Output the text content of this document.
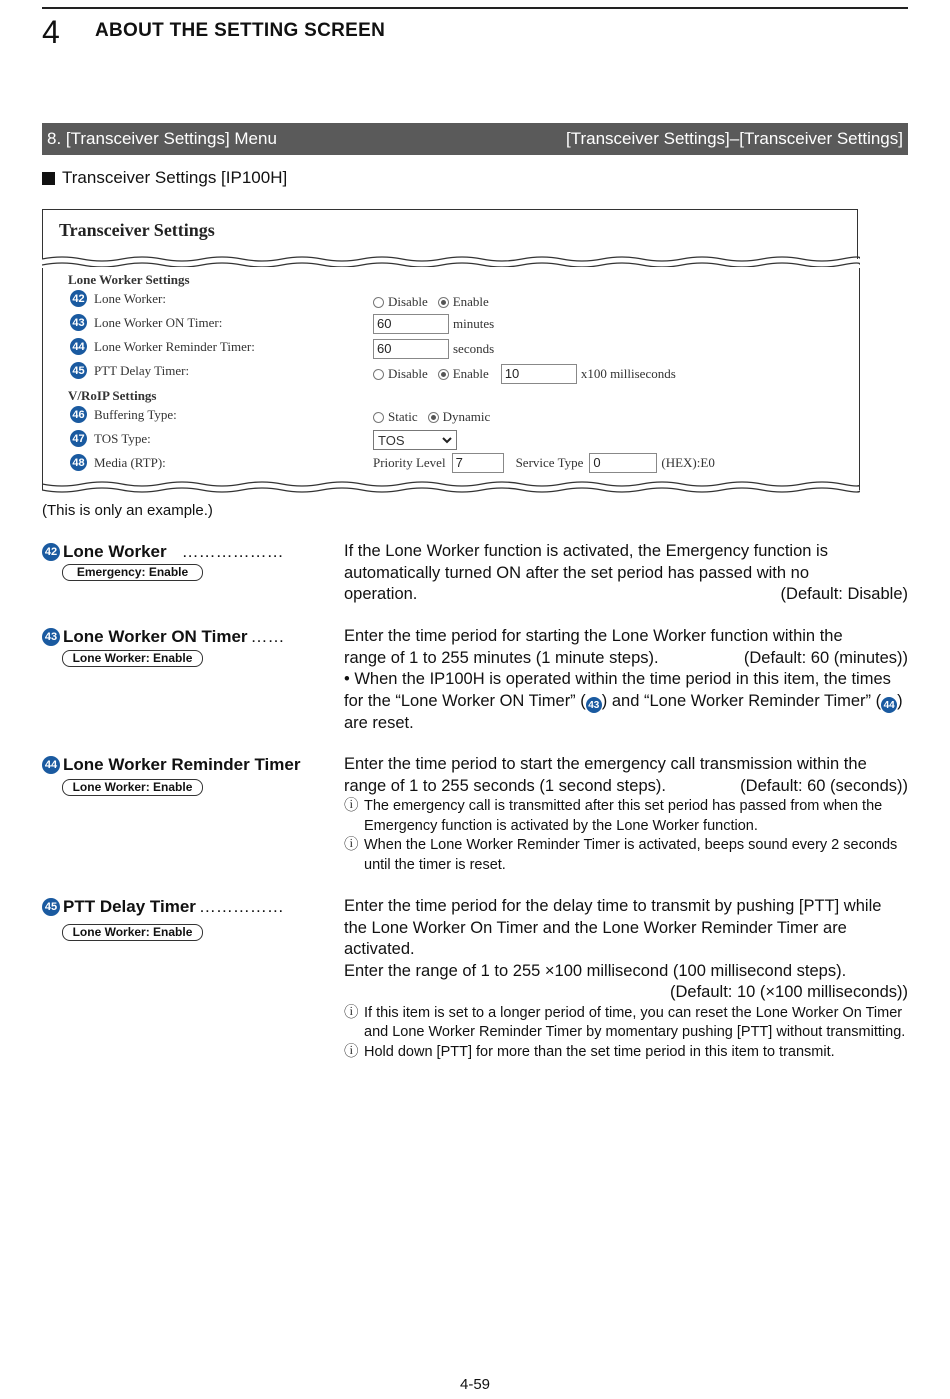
4 ABOUT THE SETTING SCREEN
8. [Transceiver Settings] Menu	[Transceiver Settings]–[Transceiver Settings]
Transceiver Settings [IP100H]
Transceiver Settings
Lone Worker Settings
42 Lone Worker:	Disable Enable
43 Lone Worker ON Timer:	60	minutes
44 Lone Worker Reminder Timer:	60	seconds
45 PTT Delay Timer:	Disable Enable	10	x100 milliseconds
V/RoIP Settings
46 Buffering Type:	Static Dynamic
47 TOS Type:	TOS
48 Media (RTP):	Priority Level 7	Service Type 0	(HEX):E0
(This is only an example.)
42 Lone Worker ………………
Emergency: Enable

If the Lone Worker function is activated, the Emergency function is automatically turned ON after the set period has passed with no

operation.	(Default: Disable)

43 Lone Worker ON Timer ……
Lone Worker: Enable

Enter the time period for starting the Lone Worker function within the

range of 1 to 255 minutes (1 minute steps).	(Default: 60 (minutes))

• When the IP100H is operated within the time period in this item, the times for the “Lone Worker ON Timer” ( 43 ) and “Lone Worker Reminder Timer” ( 44 ) are reset.

44 Lone Worker Reminder Timer
Lone Worker: Enable

Enter the time period to start the emergency call transmission within the

range of 1 to 255 seconds (1 second steps).	(Default: 60 (seconds))

ⓘ The emergency call is transmitted after this set period has passed from when the Emergency function is activated by the Lone Worker function.

ⓘ When the Lone Worker Reminder Timer is activated, beeps sound every 2 seconds until the timer is reset.

45 PTT Delay Timer ……………
Lone Worker: Enable

Enter the time period for the delay time to transmit by pushing [PTT] while the Lone Worker On Timer and the Lone Worker Reminder Timer are activated.

Enter the range of 1 to 255 ×100 millisecond (100 millisecond steps).

(Default: 10 (×100 milliseconds))

ⓘ If this item is set to a longer period of time, you can reset the Lone Worker On Timer and Lone Worker Reminder Timer by momentary pushing [PTT] without transmitting.

ⓘ Hold down [PTT] for more than the set time period in this item to transmit.

4-59
